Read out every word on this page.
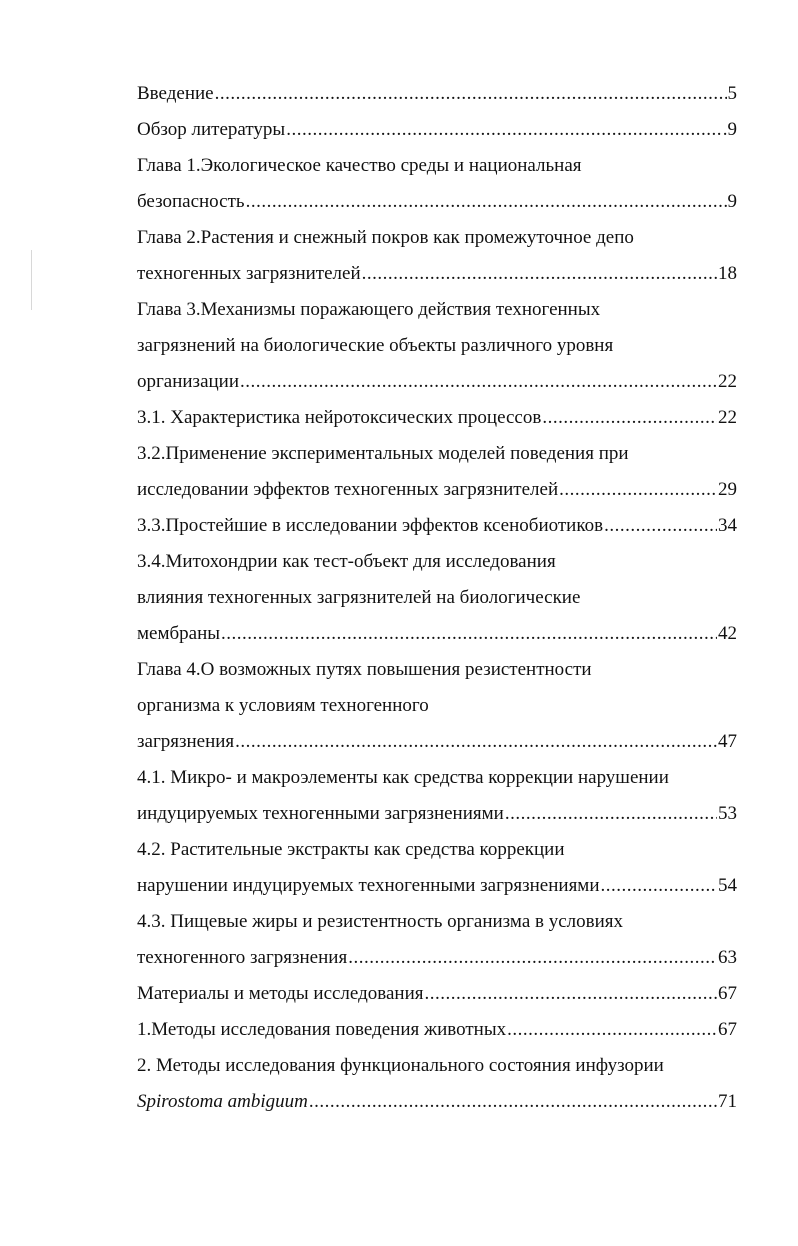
Введение .....	5
Обзор литературы .....	.9
Глава 1.Экологическое качество среды и национальная
безопасность .....	9
Глава 2.Растения и снежный покров как промежуточное депо
техногенных загрязнителей .....	18
Глава 3.Механизмы поражающего действия техногенных
загрязнений на биологические объекты различного уровня
организации .....	22
3.1. Характеристика нейротоксических процессов .....	22
3.2.Применение экспериментальных моделей поведения при
исследовании эффектов техногенных загрязнителей .....	29
3.3.Простейшие в исследовании эффектов ксенобиотиков .....	34
3.4.Митохондрии как тест-объект для исследования
влияния техногенных загрязнителей на биологические
мембраны .....	42
Глава 4.О возможных путях повышения резистентности
организма к условиям техногенного
загрязнения .....	47
4.1. Микро- и макроэлементы как средства коррекции нарушении
индуцируемых техногенными загрязнениями .....	53
4.2. Растительные экстракты как средства коррекции
нарушении индуцируемых техногенными загрязнениями .....	54
4.3. Пищевые жиры и резистентность организма в условиях
техногенного загрязнения .....	63
Материалы и методы исследования .....	67
1.Методы исследования поведения животных .....	67
2. Методы исследования функционального состояния инфузории
Spirostoma ambiguum .....	71
